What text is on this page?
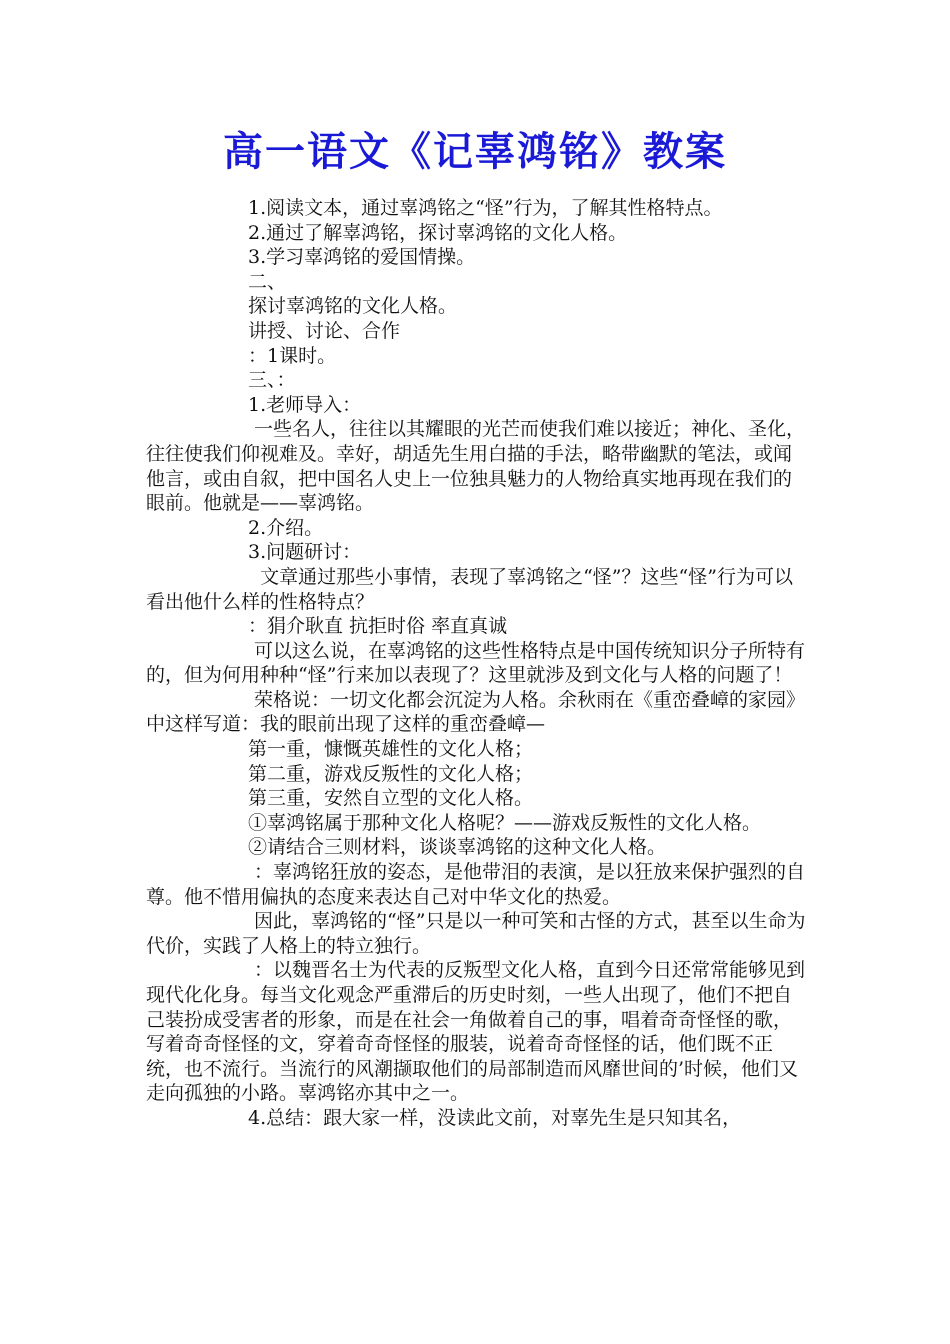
高一语文《记辜鸿铭》教案

1.阅读文本，通过辜鸿铭之“怪”行为，了解其性格特点。

2.通过了解辜鸿铭，探讨辜鸿铭的文化人格。

3.学习辜鸿铭的爱国情操。

二、

探讨辜鸿铭的文化人格。

讲授、讨论、合作

：1课时。

三、：

1.老师导入：

一些名人，往往以其耀眼的光芒而使我们难以接近；神化、圣化，往往使我们仰视难及。幸好，胡适先生用白描的手法，略带幽默的笔法，或闻他言，或由自叙，把中国名人史上一位独具魅力的人物给真实地再现在我们的眼前。他就是——辜鸿铭。

2.介绍。

3.问题研讨：

文章通过那些小事情，表现了辜鸿铭之“怪”？这些“怪”行为可以看出他什么样的性格特点？

：狷介耿直 抗拒时俗 率直真诚

可以这么说，在辜鸿铭的这些性格特点是中国传统知识分子所特有的，但为何用种种“怪”行来加以表现了？这里就涉及到文化与人格的问题了！

荣格说：一切文化都会沉淀为人格。余秋雨在《重峦叠嶂的家园》中这样写道：我的眼前出现了这样的重峦叠嶂—

第一重，慷慨英雄性的文化人格；

第二重，游戏反叛性的文化人格；

第三重，安然自立型的文化人格。

①辜鸿铭属于那种文化人格呢？——游戏反叛性的文化人格。

②请结合三则材料，谈谈辜鸿铭的这种文化人格。

：辜鸿铭狂放的姿态，是他带泪的表演，是以狂放来保护强烈的自尊。他不惜用偏执的态度来表达自己对中华文化的热爱。

因此，辜鸿铭的“怪”只是以一种可笑和古怪的方式，甚至以生命为代价，实践了人格上的特立独行。

：以魏晋名士为代表的反叛型文化人格，直到今日还常常能够见到现代化化身。每当文化观念严重滞后的历史时刻，一些人出现了，他们不把自己装扮成受害者的形象，而是在社会一角做着自己的事，唱着奇奇怪怪的歌，写着奇奇怪怪的文，穿着奇奇怪怪的服装，说着奇奇怪怪的话，他们既不正统，也不流行。当流行的风潮撷取他们的局部制造而风靡世间的’时候，他们又走向孤独的小路。辜鸿铭亦其中之一。

4.总结：跟大家一样，没读此文前，对辜先生是只知其名，
